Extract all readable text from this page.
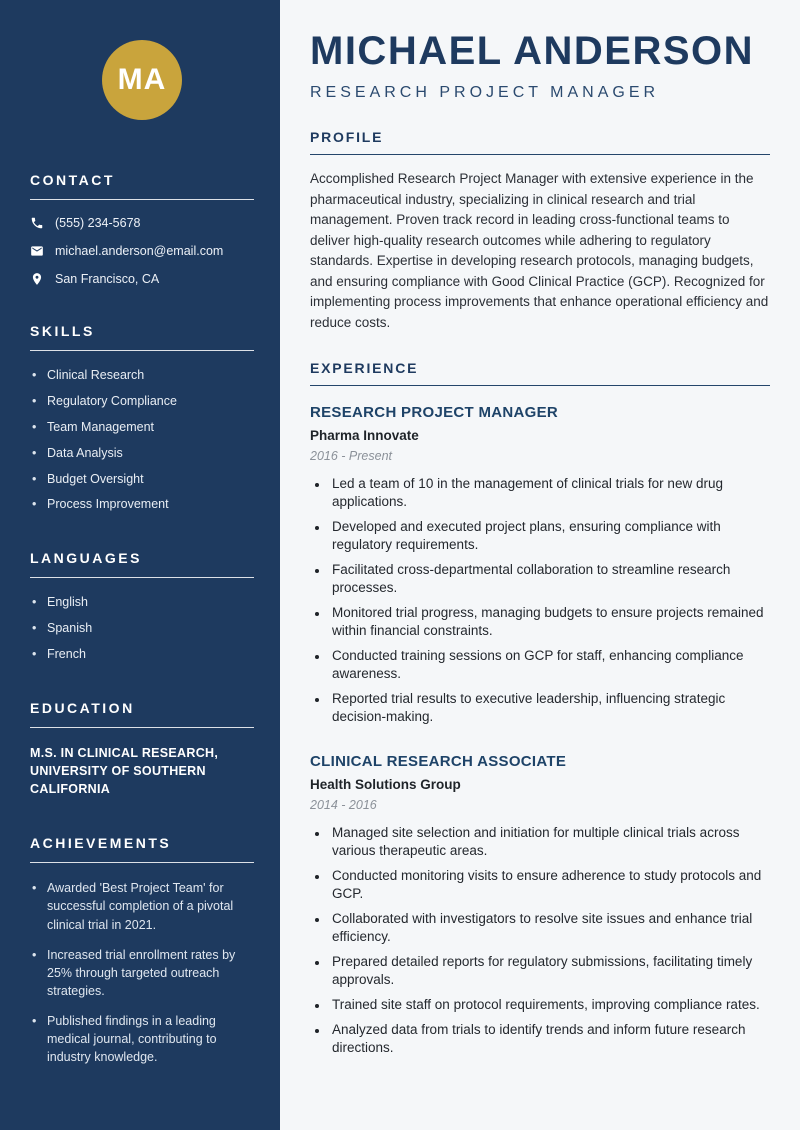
MA
CONTACT
(555) 234-5678
michael.anderson@email.com
San Francisco, CA
SKILLS
• Clinical Research
• Regulatory Compliance
• Team Management
• Data Analysis
• Budget Oversight
• Process Improvement
LANGUAGES
• English
• Spanish
• French
EDUCATION

M.S. IN CLINICAL RESEARCH, UNIVERSITY OF SOUTHERN CALIFORNIA

ACHIEVEMENTS
• Awarded 'Best Project Team' for successful completion of a pivotal clinical trial in 2021.
• Increased trial enrollment rates by 25% through targeted outreach strategies.
• Published findings in a leading medical journal, contributing to industry knowledge.
MICHAEL ANDERSON
RESEARCH PROJECT MANAGER
PROFILE

Accomplished Research Project Manager with extensive experience in the pharmaceutical industry, specializing in clinical research and trial management. Proven track record in leading cross-functional teams to deliver high-quality research outcomes while adhering to regulatory standards. Expertise in developing research protocols, managing budgets, and ensuring compliance with Good Clinical Practice (GCP). Recognized for implementing process improvements that enhance operational efficiency and reduce costs.

EXPERIENCE
RESEARCH PROJECT MANAGER

Pharma Innovate

2016 - Present

• Led a team of 10 in the management of clinical trials for new drug applications.
• Developed and executed project plans, ensuring compliance with regulatory requirements.
• Facilitated cross-departmental collaboration to streamline research processes.
• Monitored trial progress, managing budgets to ensure projects remained within financial constraints.
• Conducted training sessions on GCP for staff, enhancing compliance awareness.
• Reported trial results to executive leadership, influencing strategic decision-making.
CLINICAL RESEARCH ASSOCIATE

Health Solutions Group

2014 - 2016

• Managed site selection and initiation for multiple clinical trials across various therapeutic areas.
• Conducted monitoring visits to ensure adherence to study protocols and GCP.
• Collaborated with investigators to resolve site issues and enhance trial efficiency.
• Prepared detailed reports for regulatory submissions, facilitating timely approvals.
• Trained site staff on protocol requirements, improving compliance rates.
• Analyzed data from trials to identify trends and inform future research directions.
